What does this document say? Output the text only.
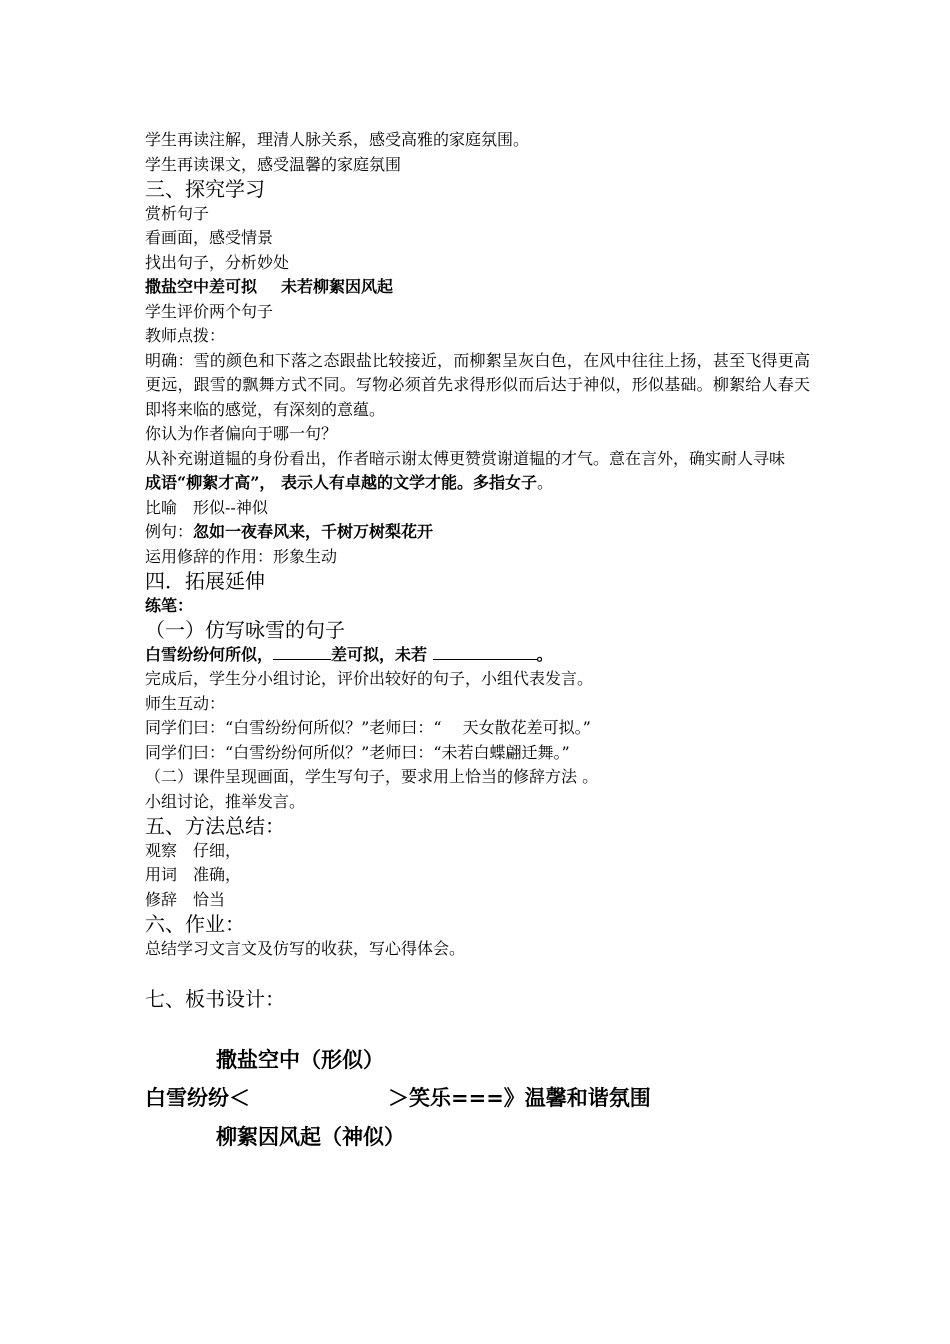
学生再读注解，理清人脉关系，感受高雅的家庭氛围。
学生再读课文，感受温馨的家庭氛围
三、探究学习
赏析句子
看画面，感受情景
找出句子，分析妙处
撒盐空中差可拟 未若柳絮因风起
学生评价两个句子
教师点拨：
明确：雪的颜色和下落之态跟盐比较接近，而柳絮呈灰白色，在风中往往上扬，甚至飞得更高更远，跟雪的飘舞方式不同。写物必须首先求得形似而后达于神似，形似基础。柳絮给人春天即将来临的感觉，有深刻的意蕴。
你认为作者偏向于哪一句？
从补充谢道韫的身份看出，作者暗示谢太傅更赞赏谢道韫的才气。意在言外，确实耐人寻味
成语“柳絮才高”， 表示人有卓越的文学才能。多指女子。
比喻　形似--神似
例句：忽如一夜春风来，千树万树梨花开
运用修辞的作用：形象生动
四．拓展延伸
练笔：
（一）仿写咏雪的句子
白雪纷纷何所似，	差可拟，未若	。
完成后，学生分小组讨论，评价出较好的句子，小组代表发言。
师生互动：
同学们曰：“白雪纷纷何所似？”老师曰：“　 天女散花差可拟。”
同学们曰：“白雪纷纷何所似？”老师曰：“未若白蝶翩迁舞。”
（二）课件呈现画面，学生写句子，要求用上恰当的修辞方法 。
小组讨论，推举发言。
五、方法总结：
观察　仔细，
用词　准确，
修辞　恰当
六、作业：
总结学习文言文及仿写的收获，写心得体会。
七、板书设计：
撒盐空中（形似）
白雪纷纷＜	＞笑乐===》温馨和谐氛围
柳絮因风起（神似）
